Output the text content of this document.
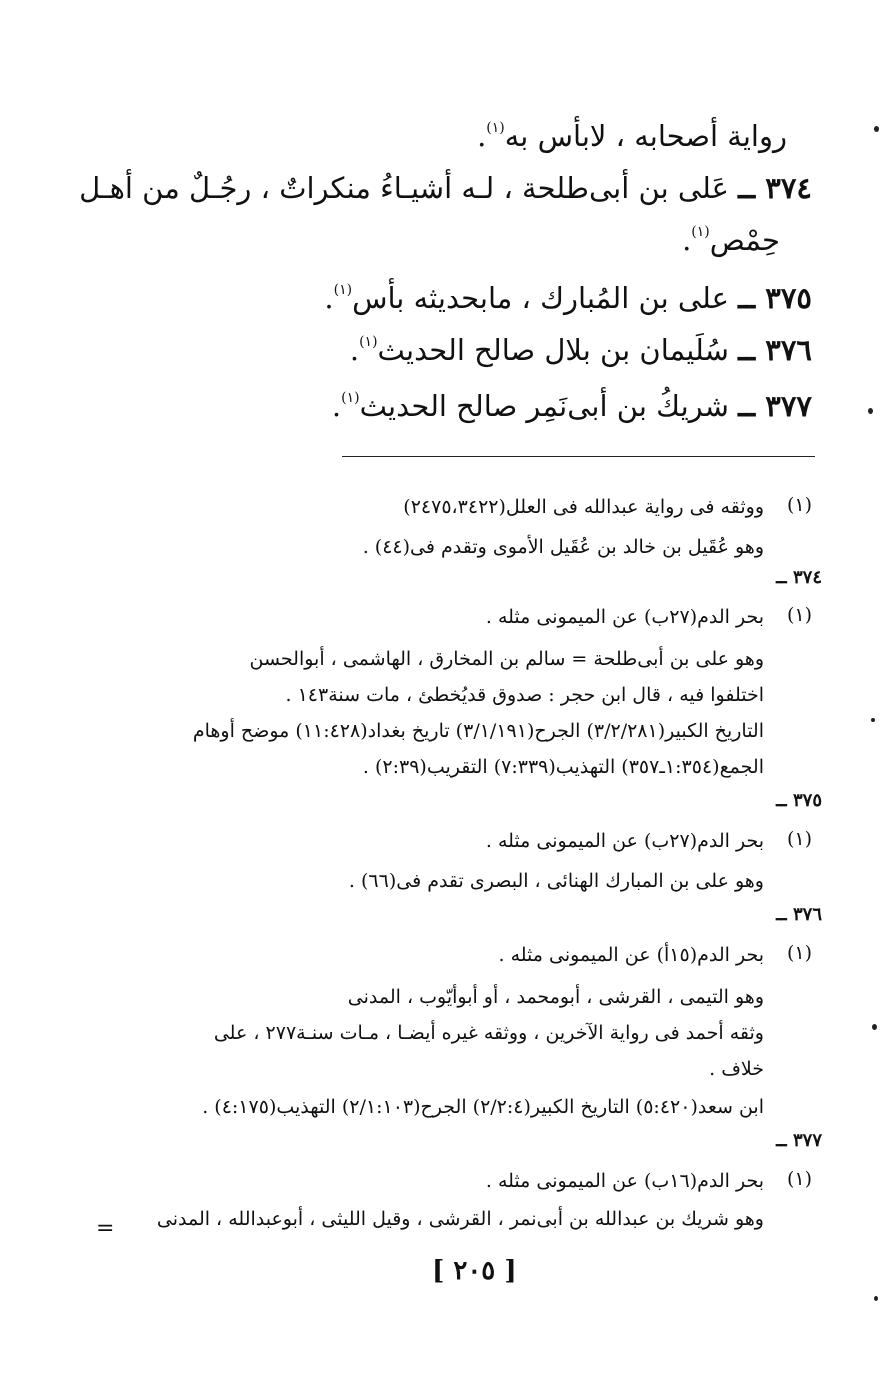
رواية أصحابه ، لابأس به$^{(١)}$.
٣٧٤ ــ عَلى بن أبى‌طلحة ، لـه أشيـاءُ منكراتٌ ، رجُـلٌ من أهـل
حِمْص$^{(١)}$.
٣٧٥ ــ على بن المُبارك ، مابحديثه بأس$^{(١)}$.
٣٧٦ ــ سُلَيمان بن بلال صالح الحديث$^{(١)}$.
٣٧٧ ــ شريكُ بن أبى‌نَمِر صالح الحديث$^{(١)}$.
(١)
ووثقه فى رواية عبدالله فى العلل(٢٤٧٥،٣٤٢٢)
وهو عُقَيل بن خالد بن عُقَيل الأموى وتقدم فى(٤٤) .
٣٧٤ ــ
(١)
بحر الدم(٢٧ب) عن الميمونى مثله .
وهو على بن أبى‌طلحة = سالم بن المخارق ، الهاشمى ، أبوالحسن
اختلفوا فيه ، قال ابن حجر : صدوق قديُخطئ ، مات سنة١٤٣ .
التاريخ الكبير(٣/٢/٢٨١) الجرح(٣/١/١٩١) تاريخ بغداد(١١:٤٢٨) موضح أوهام
الجمع(١:٣٥٤ـ٣٥٧) التهذيب(٧:٣٣٩) التقريب(٢:٣٩) .
٣٧٥ ــ
(١)
بحر الدم(٢٧ب) عن الميمونى مثله .
وهو على بن المبارك الهنائى ، البصرى تقدم فى(٦٦) .
٣٧٦ ــ
(١)
بحر الدم(١٥أ) عن الميمونى مثله .
وهو التيمى ، القرشى ، أبومحمد ، أو أبوأيّوب ، المدنى
وثقه أحمد فى رواية الآخرين ، ووثقه غيره أيضـا ، مـات سنـة٢٧٧ ، على
خلاف .
ابن سعد(٥:٤٢٠) التاريخ الكبير(٢/٢:٤) الجرح(٢/١:١٠٣) التهذيب(٤:١٧٥) .
٣٧٧ ــ
(١)
بحر الدم(١٦ب) عن الميمونى مثله .
وهو شريك بن عبدالله بن أبى‌نمر ، القرشى ، وقيل الليثى ، أبوعبدالله ، المدنى
=
[ ٢٠٥ ]
